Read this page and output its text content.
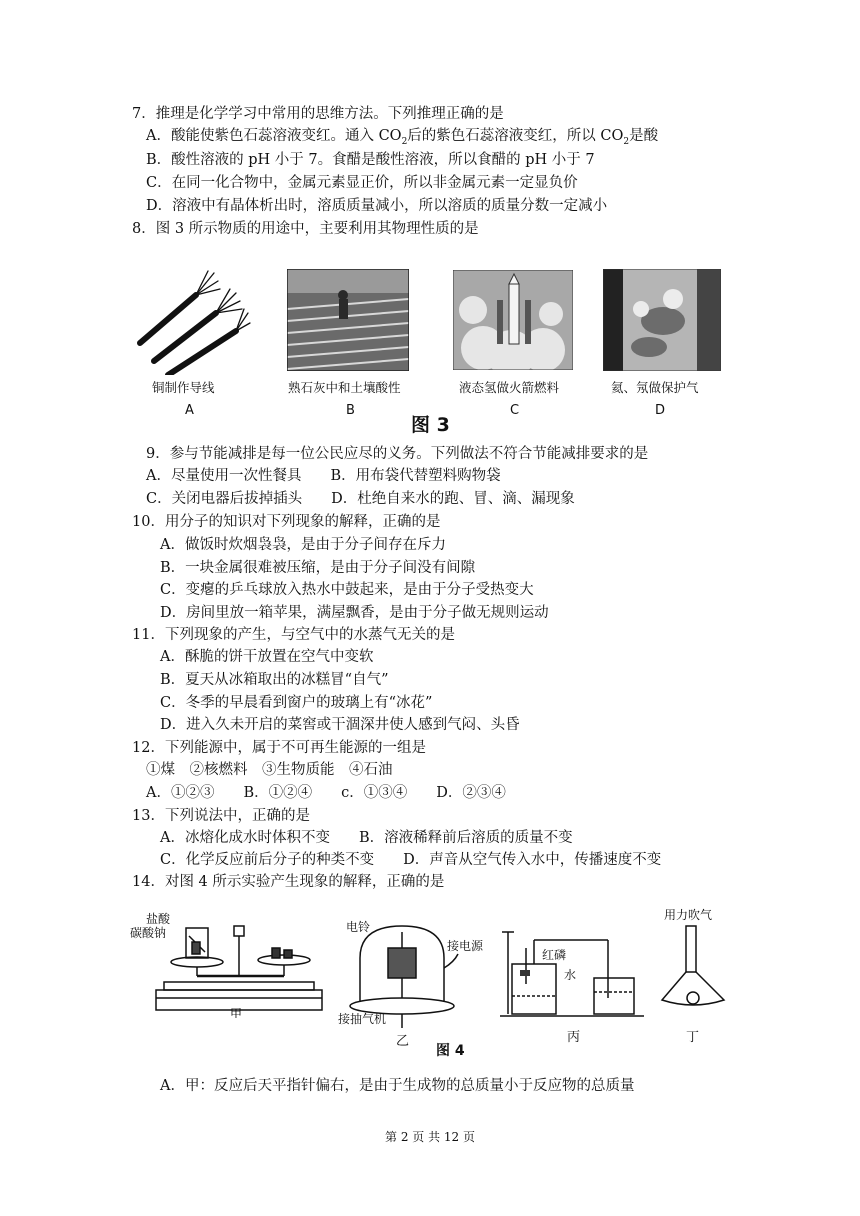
7．推理是化学学习中常用的思维方法。下列推理正确的是
A．酸能使紫色石蕊溶液变红。通入 $CO_2$后的紫色石蕊溶液变红，所以 $CO_2$是酸
B．酸性溶液的 pH 小于 7。食醋是酸性溶液，所以食醋的 pH 小于 7
C．在同一化合物中，金属元素显正价，所以非金属元素一定显负价
D．溶液中有晶体析出时，溶质质量减小，所以溶质的质量分数一定减小
8．图 3 所示物质的用途中，主要利用其物理性质的是
铜制作导线	熟石灰中和土壤酸性	液态氢做火箭燃料	氦、氖做保护气
A	B	C	D
图 3
9．参与节能减排是每一位公民应尽的义务。下列做法不符合节能减排要求的是
A．尽量使用一次性餐具　　B．用布袋代替塑料购物袋
C．关闭电器后拔掉插头　　D．杜绝自来水的跑、冒、滴、漏现象
10．用分子的知识对下列现象的解释，正确的是
A．做饭时炊烟袅袅，是由于分子间存在斥力
B．一块金属很难被压缩，是由于分子间没有间隙
C．变瘪的乒乓球放入热水中鼓起来，是由于分子受热变大
D．房间里放一箱苹果，满屋飘香，是由于分子做无规则运动
11．下列现象的产生，与空气中的水蒸气无关的是
A．酥脆的饼干放置在空气中变软
B．夏天从冰箱取出的冰糕冒“自气”
C．冬季的早晨看到窗户的玻璃上有“冰花”
D．进入久未开启的菜窖或干涸深井使人感到气闷、头昏
12．下列能源中，属于不可再生能源的一组是
①煤　②核燃料　③生物质能　④石油
A．①②③　　B．①②④　　c．①③④　　D．②③④
13．下列说法中，正确的是
A．冰熔化成水时体积不变　　B．溶液稀释前后溶质的质量不变
C．化学反应前后分子的种类不变　　D．声音从空气传入水中，传播速度不变
14．对图 4 所示实验产生现象的解释，正确的是
甲
盐酸
碳酸钠	电铃
接电源
接抽气机
乙
红磷
水
丙
用力吹气
丁
图 4
A．甲：反应后天平指针偏右，是由于生成物的总质量小于反应物的总质量
第 2 页 共 12 页
